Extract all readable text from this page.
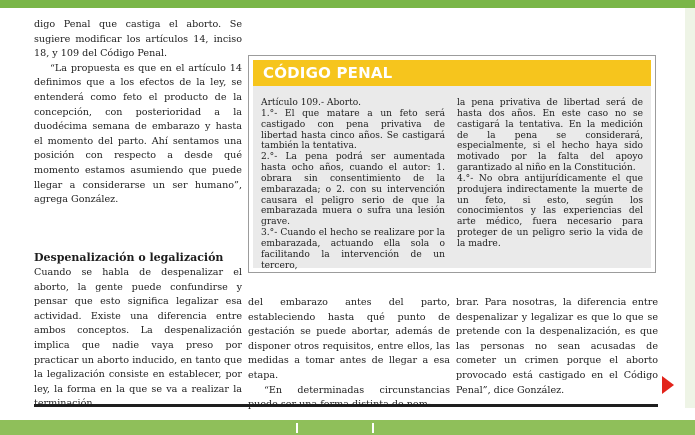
digo Penal que castiga el aborto. Se sugiere modificar los artículos 14, inciso 18, y 109 del Código Penal.

“La propuesta es que en el artículo 14 definimos que a los efectos de la ley, se entenderá como feto el producto de la concepción, con posterioridad a la duodécima semana de embarazo y hasta el momento del parto. Ahí sentamos una posición con respecto a desde qué momento estamos asumiendo que puede llegar a considerarse un ser humano”, agrega González.

Despenalización o legalización

Cuando se habla de despenalizar el aborto, la gente puede confundirse y pensar que esto significa legalizar esa actividad. Existe una diferencia entre ambos conceptos. La despenalización implica que nadie vaya preso por practicar un aborto inducido, en tanto que la legalización consiste en establecer, por ley, la forma en la que se va a realizar la

CÓDIGO PENAL

Artículo 109.- Aborto.

1.°- El que matare a un feto será castigado con pena privativa de libertad hasta cinco años. Se castigará también la tentativa.

2.°- La pena podrá ser aumentada hasta ocho años, cuando el autor: 1. obrara sin consentimiento de la embarazada; o 2. con su intervención causara el peligro serio de que la embarazada muera o sufra una lesión grave.

3.°- Cuando el hecho se realizare por la embarazada, actuando ella sola o facilitando la intervención de un tercero,

la pena privativa de libertad será de hasta dos años. En este caso no se castigará la tentativa. En la medición de la pena se considerará, especialmente, si el hecho haya sido motivado por la falta del apoyo garantizado al niño en la Constitución.

4.°- No obra antijurídicamente el que produjera indirectamente la muerte de un feto, si esto, según los conocimientos y las experiencias del arte médico, fuera necesario para proteger de un peligro serio la vida de la madre.

del embarazo antes del parto, estableciendo hasta qué punto de gestación se puede abortar, además de disponer otros requisitos, entre ellos, las medidas a tomar antes de llegar a esa etapa.

“En determinadas circunstancias

brar. Para nosotras, la diferencia entre despenalizar y legalizar es que lo que se pretende con la despenalización, es que las personas no sean acusadas de cometer un crimen porque el aborto provocado está castigado en el Código Penal”, dice González.
